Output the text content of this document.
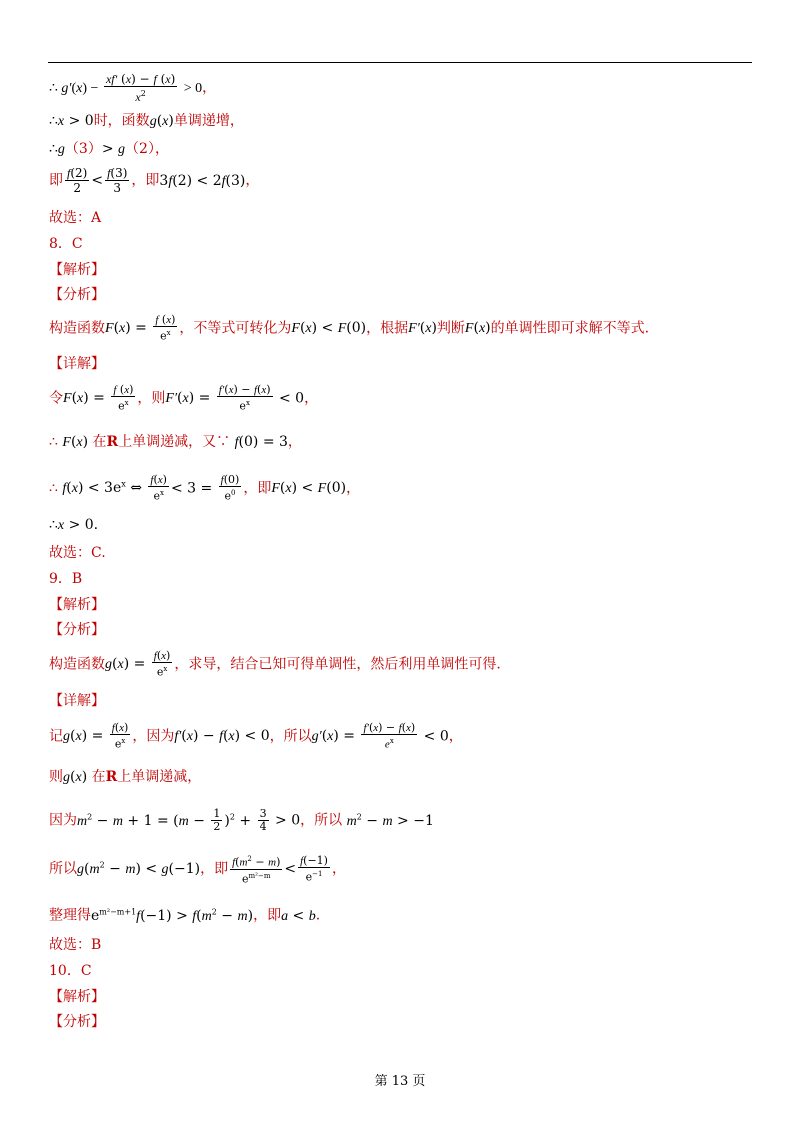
∴ $g'(x) - \frac{xf' (x) - f (x)}{x^2} > 0$，
∴x > 0时，函数g(x)单调递增，
∴g（3）> g（2），
即 $\frac{f(2)}{2} < \frac{f(3)}{3}$ ，即3f(2) < 2f(3)，
故选：A
8．C
【解析】
【分析】
构造函数$F(x) = \frac{f (x)}{e^x}$ ，不等式可转化为F(x) < F(0)，根据F′(x)判断F(x)的单调性即可求解不等式.
【详解】
令$F(x) = \frac{f (x)}{e^x}$ ，则$F'(x) = \frac{f'(x) - f(x)}{e^x} < 0$，
∴ F(x) 在R上单调递减，又∵ f(0) = 3，
∴ $f(x) < 3e^x$ ⇔ $\frac{f(x)}{e^x} < 3 = \frac{f(0)}{e^0}$ ，即F(x) < F(0)，
∴x > 0.
故选：C.
9．B
【解析】
【分析】
构造函数$g(x) = \frac{f(x)}{e^x}$ ，求导，结合已知可得单调性，然后利用单调性可得.
【详解】
记$g(x) = \frac{f(x)}{e^x}$ ，因为f′(x) − f(x) < 0，所以$g'(x) = \frac{f'(x) - f(x)}{e^x} < 0$，
则g(x) 在R上单调递减，
因为$m^2 - m + 1 = (m - \frac{1}{2} )^2 + \frac{3}{4} > 0$，所以 $m^2 - m > -1$
所以$g(m^2 - m) < g(-1)$，即 $\frac{f(m^2 - m)}{e^{m^2-m}} < \frac{f(-1)}{e^{-1}}$ ，
整理得$e^{m^2-m+1}f(-1) > f(m^2 - m)$，即a < b.
故选：B
10．C
【解析】
【分析】
第 13 页
